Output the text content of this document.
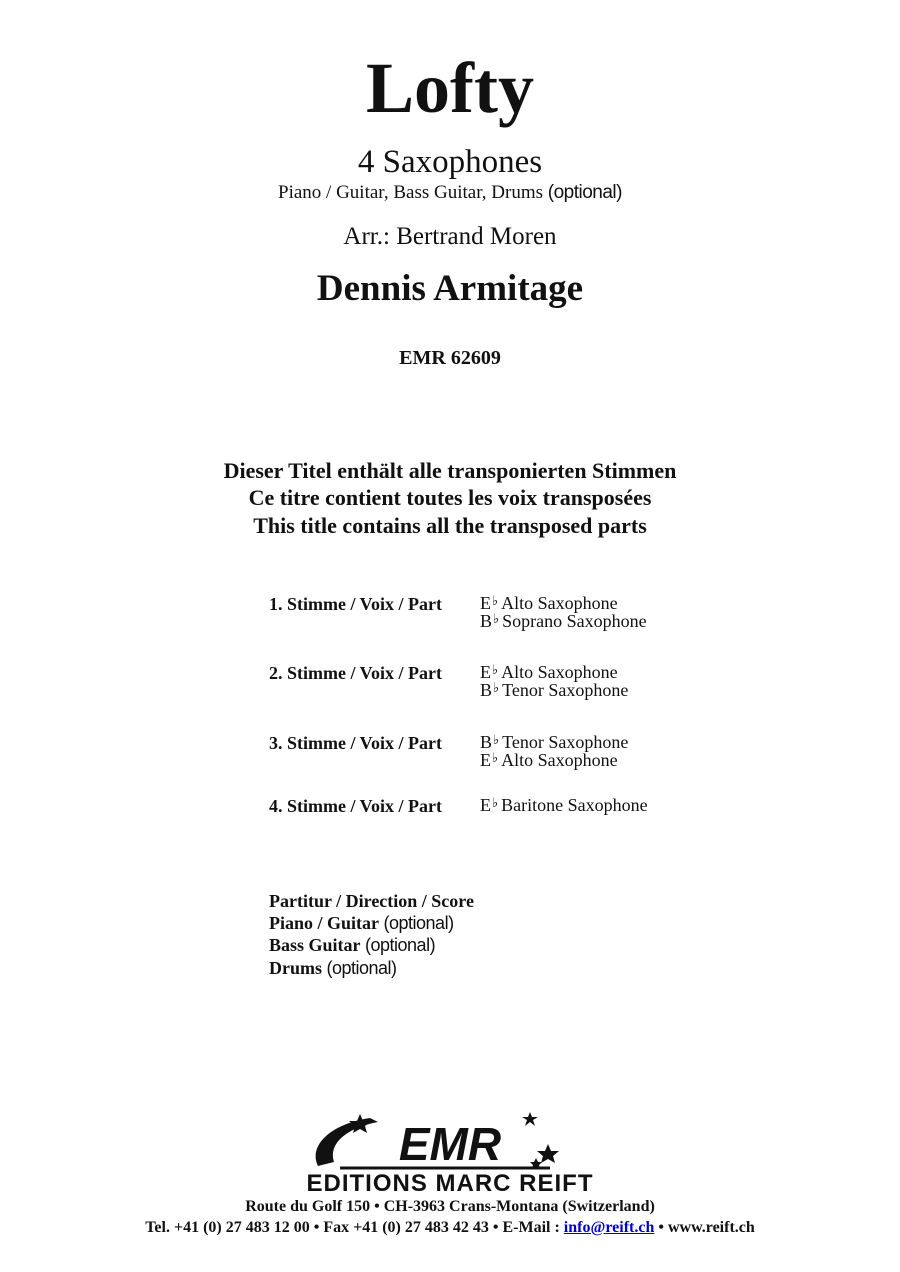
Lofty
4 Saxophones
Piano / Guitar, Bass Guitar, Drums (optional)
Arr.: Bertrand Moren
Dennis Armitage
EMR 62609
Dieser Titel enthält alle transponierten Stimmen
Ce titre contient toutes les voix transposées
This title contains all the transposed parts
1. Stimme / Voix / Part E♭ Alto Saxophone
B♭ Soprano Saxophone
2. Stimme / Voix / Part E♭ Alto Saxophone
B♭ Tenor Saxophone
3. Stimme / Voix / Part B♭ Tenor Saxophone
E♭ Alto Saxophone
4. Stimme / Voix / Part E♭ Baritone Saxophone
Partitur / Direction / Score
Piano / Guitar (optional)
Bass Guitar (optional)
Drums (optional)
EMR
EDITIONS MARC REIFT
Route du Golf 150 • CH-3963 Crans-Montana (Switzerland)
Tel. +41 (0) 27 483 12 00 • Fax +41 (0) 27 483 42 43 • E-Mail : info@reift.ch • www.reift.ch
